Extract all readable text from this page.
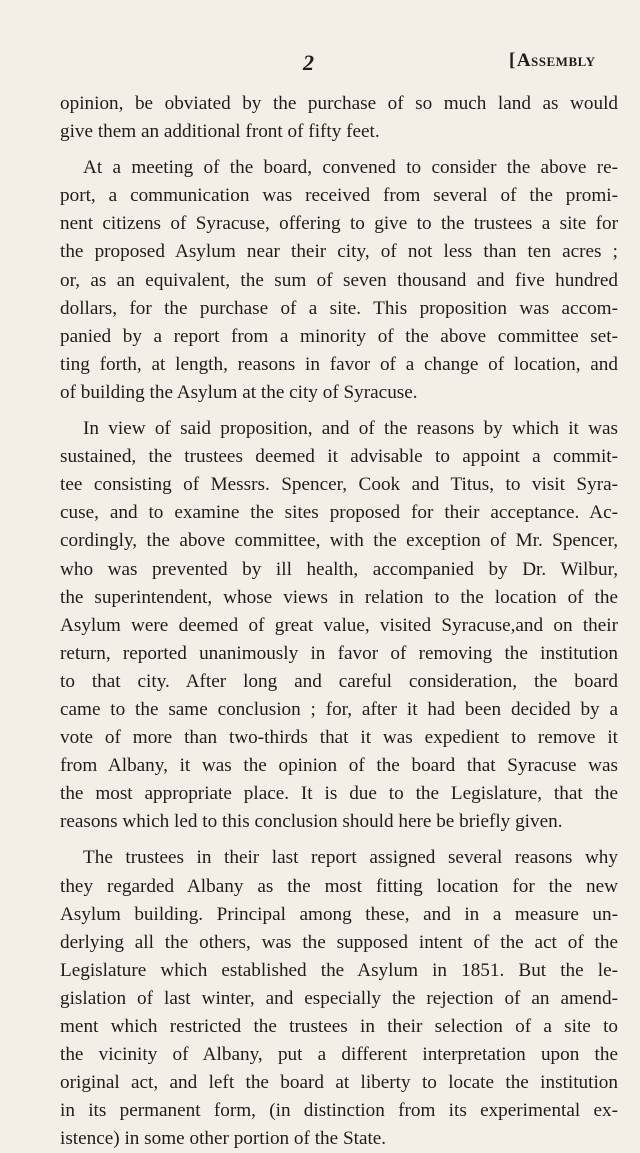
2	[Assembly
opinion, be obviated by the purchase of so much land as would
give them an additional front of fifty feet.
At a meeting of the board, convened to consider the above re-
port, a communication was received from several of the promi-
nent citizens of Syracuse, offering to give to the trustees a site for
the proposed Asylum near their city, of not less than ten acres ;
or, as an equivalent, the sum of seven thousand and five hundred
dollars, for the purchase of a site. This proposition was accom-
panied by a report from a minority of the above committee set-
ting forth, at length, reasons in favor of a change of location, and
of building the Asylum at the city of Syracuse.
In view of said proposition, and of the reasons by which it was
sustained, the trustees deemed it advisable to appoint a commit-
tee consisting of Messrs. Spencer, Cook and Titus, to visit Syra-
cuse, and to examine the sites proposed for their acceptance. Ac-
cordingly, the above committee, with the exception of Mr. Spencer,
who was prevented by ill health, accompanied by Dr. Wilbur,
the superintendent, whose views in relation to the location of the
Asylum were deemed of great value, visited Syracuse,and on their
return, reported unanimously in favor of removing the institution
to that city. After long and careful consideration, the board
came to the same conclusion ; for, after it had been decided by a
vote of more than two-thirds that it was expedient to remove it
from Albany, it was the opinion of the board that Syracuse was
the most appropriate place. It is due to the Legislature, that the
reasons which led to this conclusion should here be briefly given.
The trustees in their last report assigned several reasons why
they regarded Albany as the most fitting location for the new
Asylum building. Principal among these, and in a measure un-
derlying all the others, was the supposed intent of the act of the
Legislature which established the Asylum in 1851. But the le-
gislation of last winter, and especially the rejection of an amend-
ment which restricted the trustees in their selection of a site to
the vicinity of Albany, put a different interpretation upon the
original act, and left the board at liberty to locate the institution
in its permanent form, (in distinction from its experimental ex-
istence) in some other portion of the State.
